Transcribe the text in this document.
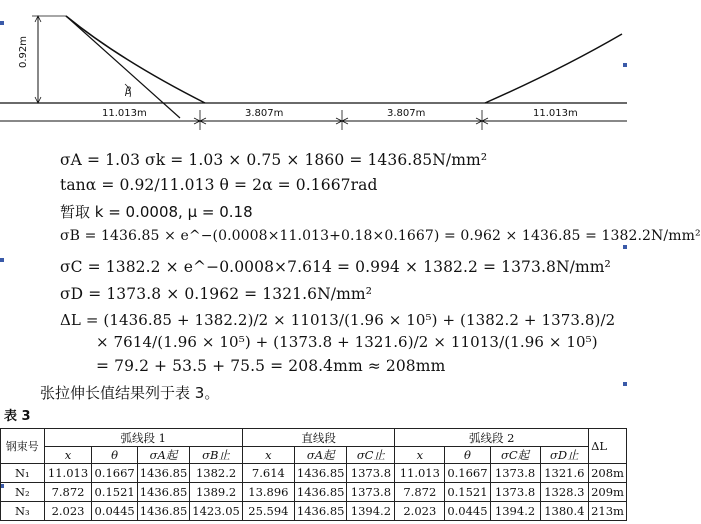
0.92m
β
11.013m	3.807m	3.807m	11.013m
σA = 1.03 σk = 1.03 × 0.75 × 1860 = 1436.85N/mm²
tanα = 0.92/11.013 θ = 2α = 0.1667rad
暂取 k = 0.0008, μ = 0.18
σB = 1436.85 × e^−(0.0008×11.013+0.18×0.1667) = 0.962 × 1436.85 = 1382.2N/mm²
σC = 1382.2 × e^−0.0008×7.614 = 0.994 × 1382.2 = 1373.8N/mm²
σD = 1373.8 × 0.1962 = 1321.6N/mm²
ΔL = (1436.85 + 1382.2)/2 × 11013/(1.96 × 10⁵) + (1382.2 + 1373.8)/2
× 7614/(1.96 × 10⁵) + (1373.8 + 1321.6)/2 × 11013/(1.96 × 10⁵)
= 79.2 + 53.5 + 75.5 = 208.4mm ≈ 208mm
张拉伸长值结果列于表 3。
表 3
钢束号	弧线段 1				直线段			弧线段 2				ΔL
	x	θ	σA起	σB止	x	σA起	σC止	x	θ	σC起	σD止	
N₁	11.013	0.1667	1436.85	1382.2	7.614	1436.85	1373.8	11.013	0.1667	1373.8	1321.6	208m
N₂	7.872	0.1521	1436.85	1389.2	13.896	1436.85	1373.8	7.872	0.1521	1373.8	1328.3	209m
N₃	2.023	0.0445	1436.85	1423.05	25.594	1436.85	1394.2	2.023	0.0445	1394.2	1380.4	213m
